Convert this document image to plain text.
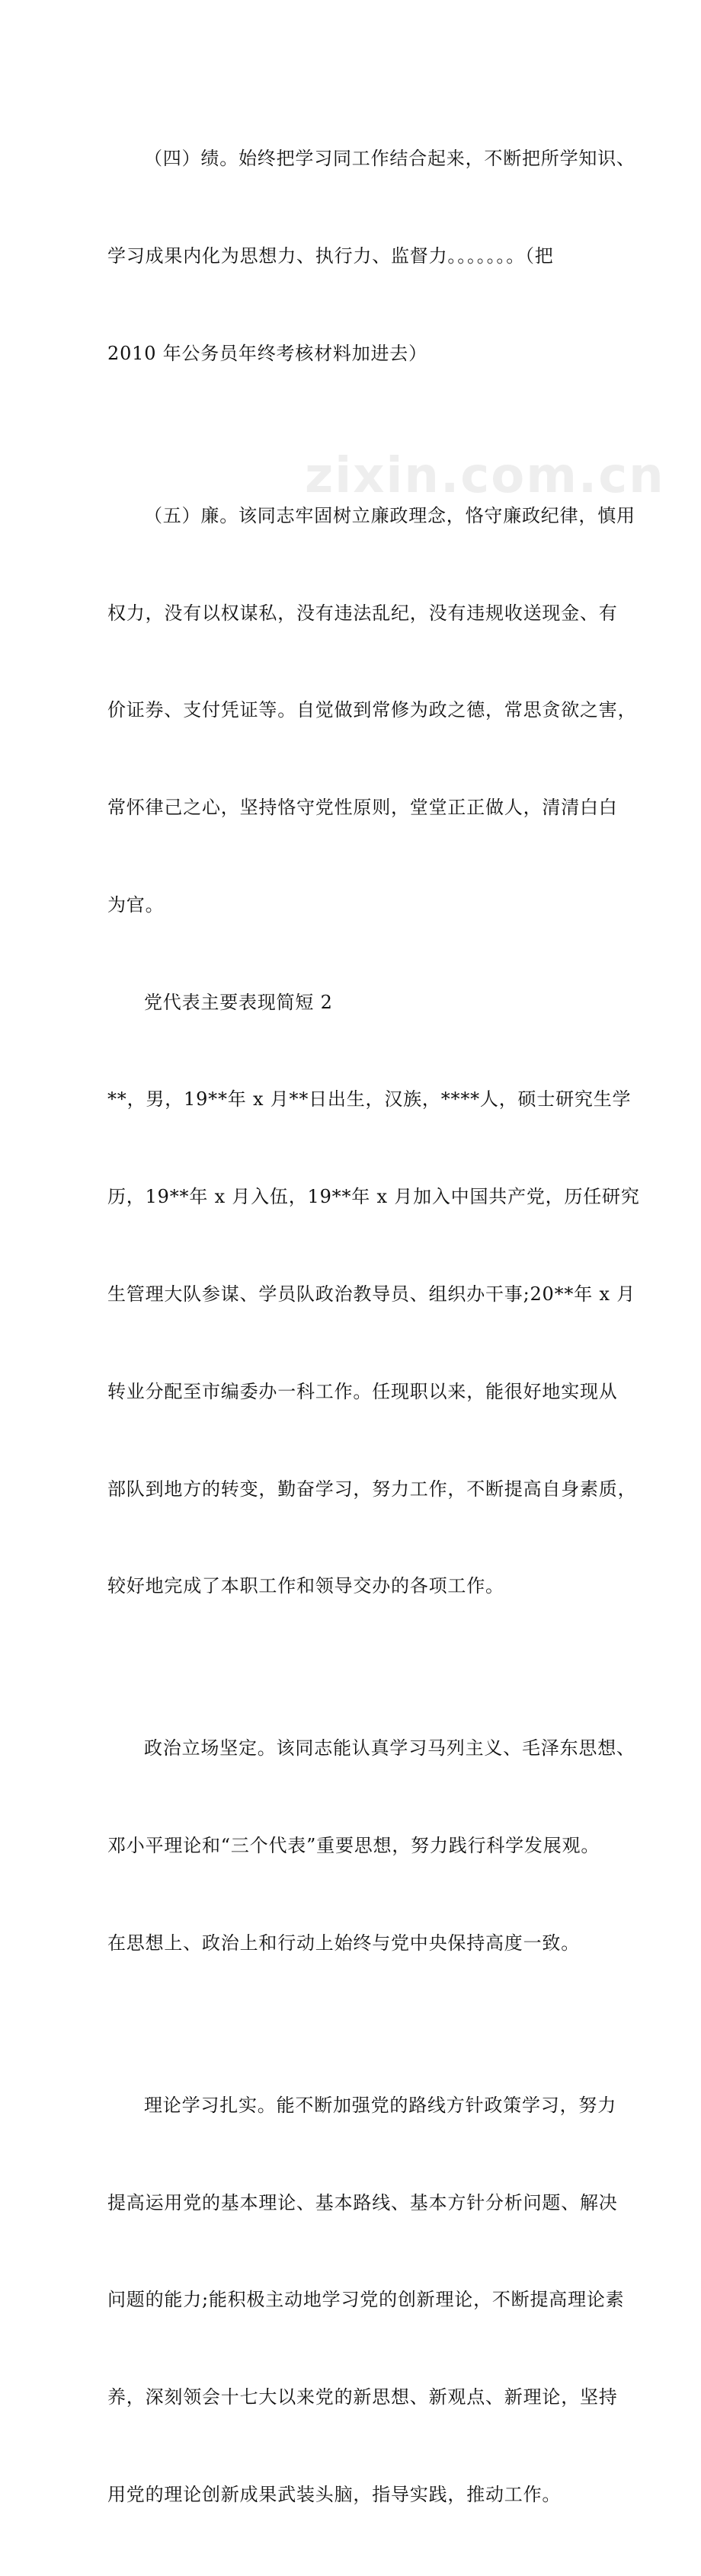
zixin.com.cn

（四）绩。始终把学习同工作结合起来，不断把所学知识、

学习成果内化为思想力、执行力、监督力。。。。。。。（把

2010 年公务员年终考核材料加进去）

（五）廉。该同志牢固树立廉政理念，恪守廉政纪律，慎用

权力，没有以权谋私，没有违法乱纪，没有违规收送现金、有

价证券、支付凭证等。自觉做到常修为政之德，常思贪欲之害，

常怀律己之心，坚持恪守党性原则，堂堂正正做人，清清白白

为官。

党代表主要表现简短 2

**，男，19**年 x 月**日出生，汉族，****人，硕士研究生学

历，19**年 x 月入伍，19**年 x 月加入中国共产党，历任研究

生管理大队参谋、学员队政治教导员、组织办干事;20**年 x 月

转业分配至市编委办一科工作。任现职以来，能很好地实现从

部队到地方的转变，勤奋学习，努力工作，不断提高自身素质，

较好地完成了本职工作和领导交办的各项工作。

政治立场坚定。该同志能认真学习马列主义、毛泽东思想、

邓小平理论和“三个代表”重要思想，努力践行科学发展观。

在思想上、政治上和行动上始终与党中央保持高度一致。

理论学习扎实。能不断加强党的路线方针政策学习，努力

提高运用党的基本理论、基本路线、基本方针分析问题、解决

问题的能力;能积极主动地学习党的创新理论，不断提高理论素

养，深刻领会十七大以来党的新思想、新观点、新理论，坚持

用党的理论创新成果武装头脑，指导实践，推动工作。
